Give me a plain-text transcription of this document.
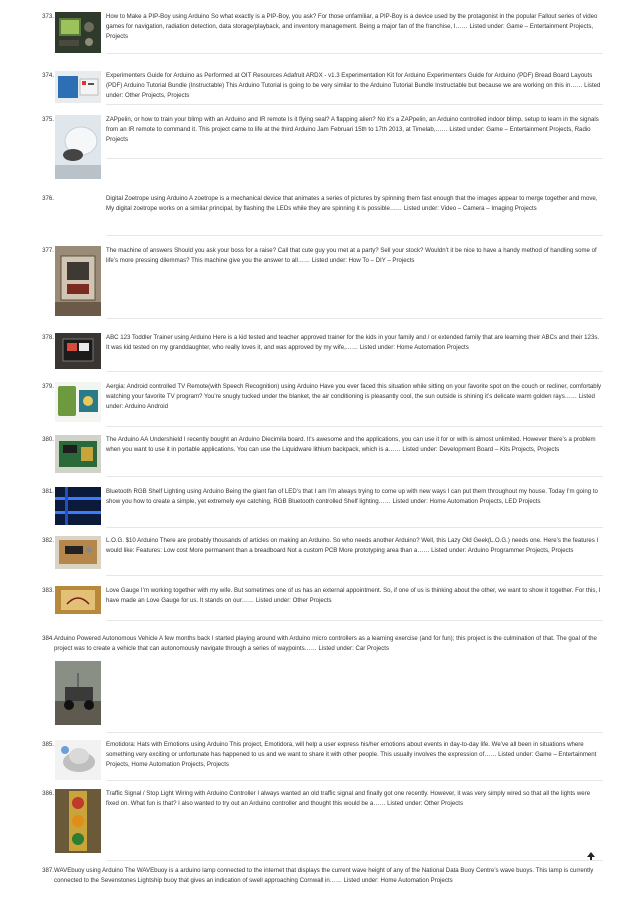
373.	How to Make a PIP-Boy using Arduino So what exactly is a PIP-Boy, you ask? For those unfamiliar, a PIP-Boy is a device used by the protagonist in the popular Fallout series of video games for navigation, radiation detection, data storage/playback, and inventory management. Being a major fan of the franchise, I…… Listed under: Game – Entertainment Projects, Projects
374.	Experimenters Guide for Arduino as Performed at OIT Resources Adafruit ARDX - v1.3 Experimentation Kit for Arduino Experimenters Guide for Arduino (PDF) Bread Board Layouts (PDF) Arduino Tutorial Bundle (Instructable) This Arduino Tutorial is going to be very similar to the Arduino Tutorial Bundle Instructable but because we are working on this in…… Listed under: Other Projects, Projects
375.	ZAPpelin, or how to train your blimp with an Arduino and IR remote Is it flying seal? A flapping alien? No it’s a ZAPpelin, an Arduino controlled indoor blimp, setup to learn in the signals from an IR remote to command it. This project came to life at the third Arduino Jam Februari 15th to 17th 2013, at Timelab,…… Listed under: Game – Entertainment Projects, Radio Projects
376.	Digital Zoetrope using Arduino A zoetrope is a mechanical device that animates a series of pictures by spinning them fast enough that the images appear to merge together and move, My digital zoetrope works on a similar principal, by flashing the LEDs while they are spinning it is possible…… Listed under: Video – Camera – Imaging Projects
377.	The machine of answers Should you ask your boss for a raise? Call that cute guy you met at a party? Sell your stock? Wouldn’t it be nice to have a handy method of handling some of life’s more pressing dilemmas? This machine give you the answer to all…… Listed under: How To – DIY – Projects
378.	ABC 123 Toddler Trainer using Arduino Here is a kid tested and teacher approved trainer for the kids in your family and / or extended family that are learning their ABCs and their 123s. It was kid tested on my granddaughter, who really loves it, and was approved by my wife,…… Listed under: Home Automation Projects
379.	Aergia: Android controlled TV Remote(with Speech Recognition) using Arduino Have you ever faced this situation while sitting on your favorite spot on the couch or recliner, comfortably watching your favorite TV program? You’re snugly tucked under the blanket, the air conditioning is pleasantly cool, the sun outside is shining it’s delicate warm golden rays…… Listed under: Arduino Android
380.	The Arduino AA Undershield I recently bought an Arduino Diecimila board. It’s awesome and the applications, you can use it for or with is almost unlimited. However there’s a problem when you want to use it in portable applications. You can use the Liquidware lithium backpack, which is a…… Listed under: Development Board – Kits Projects, Projects
381.	Bluetooth RGB Shelf Lighting using Arduino Being the giant fan of LED’s that I am I’m always trying to come up with new ways I can put them throughout my house. Today I’m going to show you how to create a simple, yet extremely eye catching, RGB Bluetooth controlled Shelf lighting…… Listed under: Home Automation Projects, LED Projects
382.	L.O.G. $10 Arduino There are probably thousands of articles on making an Arduino. So who needs another Arduino? Well, this Lazy Old Geek(L.O.G.) needs one. Here’s the features I would like: Features: Low cost More permanent than a breadboard Not a custom PCB More prototyping area than a…… Listed under: Arduino Programmer Projects, Projects
383.	Love Gauge I’m working together with my wife. But sometimes one of us has an external appointment. So, if one of us is thinking about the other, we want to show it together. For this, I have made an Love Gauge for us. It stands on our…… Listed under: Other Projects
384. Arduino Powered Autonomous Vehicle A few months back I started playing around with Arduino micro controllers as a learning exercise (and for fun); this project is the culmination of that. The goal of the project was to create a vehicle that can autonomously navigate through a series of waypoints…… Listed under: Car Projects
385.	Emotidora: Hats with Emotions using Arduino This project, Emotidora, will help a user express his/her emotions about events in day-to-day life. We’ve all been in situations where something very exciting or unfortunate has happened to us and we want to share it with other people. This usually involves the expression of…… Listed under: Game – Entertainment Projects, Home Automation Projects, Projects
386.	Traffic Signal / Stop Light Wiring with Arduino Controller I always wanted an old traffic signal and finally got one recently. However, it was very simply wired so that all the lights were fixed on. What fun is that? I also wanted to try out an Arduino controller and thought this would be a…… Listed under: Other Projects
387. WAVEbuoy using Arduino The WAVEbuoy is a arduino lamp connected to the internet that displays the current wave height of any of the National Data Buoy Centre’s wave buoys. This lamp is currently connected to the Sevenstones Lightship buoy that gives an indication of swell approaching Cornwall in…… Listed under: Home Automation Projects
